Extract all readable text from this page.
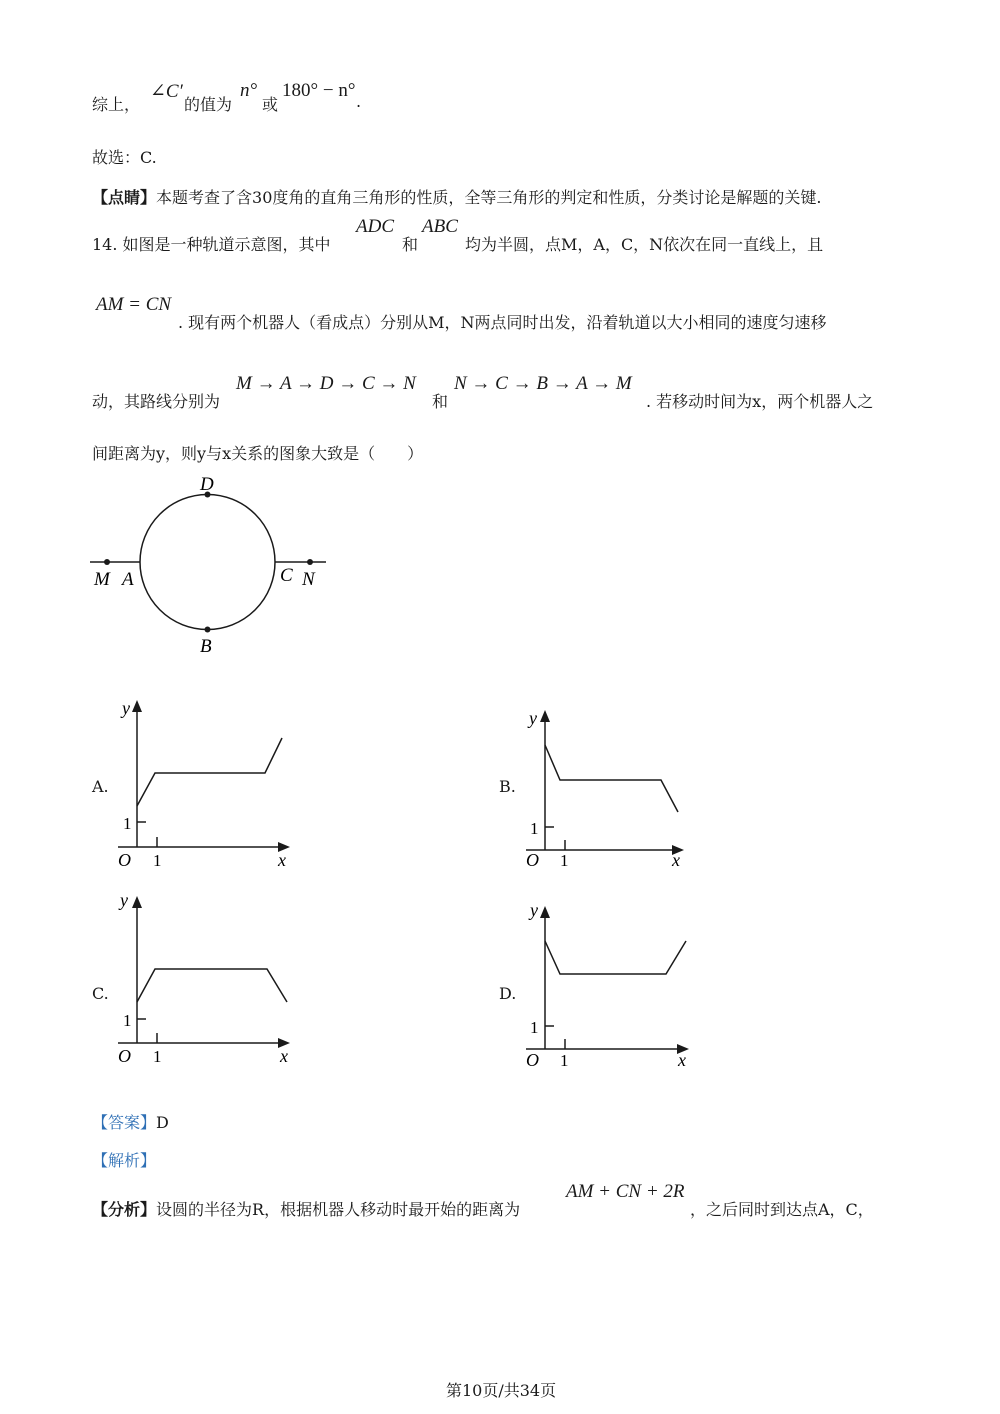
综上，
∠C′
的值为
n°
或
180° − n°
.
故选：C.
【点睛】本题考查了含30度角的直角三角形的性质，全等三角形的判定和性质，分类讨论是解题的关键.
14. 如图是一种轨道示意图，其中
ADC
和
ABC
均为半圆，点M，A，C，N依次在同一直线上，且
AM = CN
. 现有两个机器人（看成点）分别从M，N两点同时出发，沿着轨道以大小相同的速度匀速移
动，其路线分别为
M → A → D → C → N
和
N → C → B → A → M
. 若移动时间为x，两个机器人之
间距离为y，则y与x关系的图象大致是（　　）
D
B
M A	C N
A.
y
x
O
1
1
B.
y
x
O
1
1
C.
y
x
O
1
1
D.
y
x
O
1
1
【答案】D
【解析】
【分析】设圆的半径为R，根据机器人移动时最开始的距离为
AM + CN + 2R
，之后同时到达点A，C，
第10页/共34页
